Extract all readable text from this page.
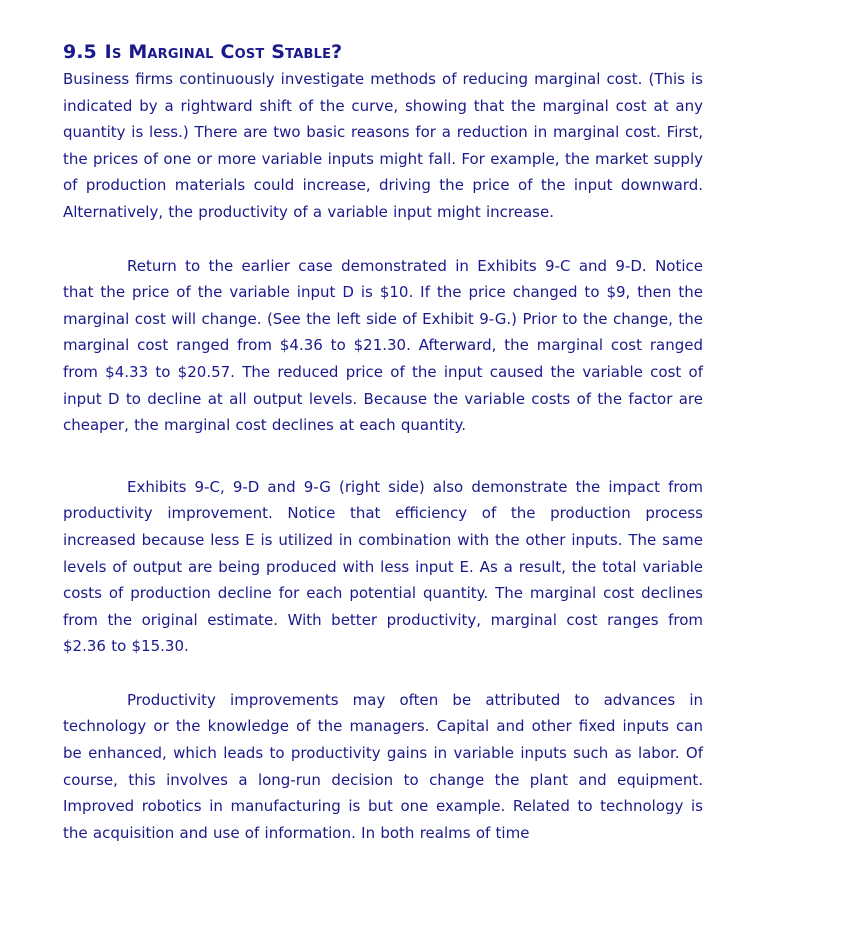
9.5 Is Marginal Cost Stable?

Business firms continuously investigate methods of reducing marginal cost. (This is indicated by a rightward shift of the curve, showing that the marginal cost at any quantity is less.) There are two basic reasons for a reduction in marginal cost. First, the prices of one or more variable inputs might fall. For example, the market supply of production materials could increase, driving the price of the input downward. Alternatively, the productivity of a variable input might increase.

Return to the earlier case demonstrated in Exhibits 9-C and 9-D. Notice that the price of the variable input D is $10. If the price changed to $9, then the marginal cost will change. (See the left side of Exhibit 9-G.) Prior to the change, the marginal cost ranged from $4.36 to $21.30. Afterward, the marginal cost ranged from $4.33 to $20.57. The reduced price of the input caused the variable cost of input D to decline at all output levels. Because the variable costs of the factor are cheaper, the marginal cost declines at each quantity.

Exhibits 9-C, 9-D and 9-G (right side) also demonstrate the impact from productivity improvement. Notice that efficiency of the production process increased because less E is utilized in combination with the other inputs. The same levels of output are being produced with less input E. As a result, the total variable costs of production decline for each potential quantity. The marginal cost declines from the original estimate. With better productivity, marginal cost ranges from $2.36 to $15.30.

Productivity improvements may often be attributed to advances in technology or the knowledge of the managers. Capital and other fixed inputs can be enhanced, which leads to productivity gains in variable inputs such as labor. Of course, this involves a long-run decision to change the plant and equipment. Improved robotics in manufacturing is but one example. Related to technology is the acquisition and use of information. In both realms of time
